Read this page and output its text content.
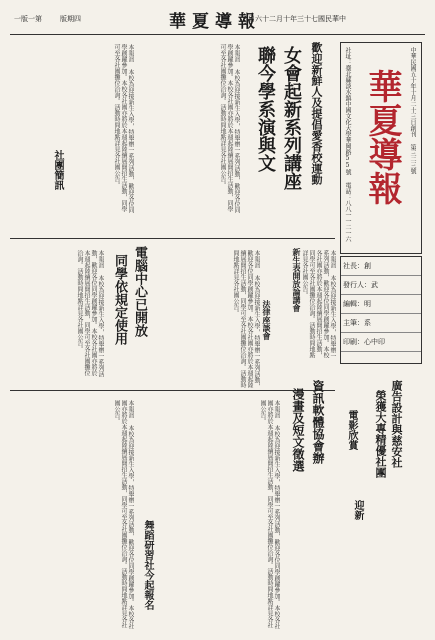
一版一第	版期四	華夏導報
日六十二月十年三十七國民華中
華夏導報
社址：臺北縣淡水鎮中國文化大學華岡路55號 電話：八八一一二一六	中華民國五十年十月二十三日創刊 第三二三號
社長：創
發行人：武
編輯：明
主筆：系
印刷：心中印
歡迎新鮮人及提倡愛香校運動
女會起新系列講座
聯今學系演與文
本報訊 本校為迎接新生入學，特舉辦一系列活動，歡迎各位同學踴躍參加。本校各社團亦將於本週起陸續展開招生活動，同學可至各社團攤位洽詢。活動時間地點詳見各社團公告。
本報訊 本校為迎接新生入學，特舉辦一系列活動，歡迎各位同學踴躍參加。本校各社團亦將於本週起陸續展開招生活動，同學可至各社團攤位洽詢。活動時間地點詳見各社團公告。
社團簡訊
廣告設計與慈安社
榮獲大專精優社團
新生表開放論講會	本報訊 本校為迎接新生入學，特舉辦一系列活動，歡迎各位同學踴躍參加。本校各社團亦將於本週起陸續展開招生活動，同學可至各社團攤位洽詢。活動時間地點詳見各社團公告。
法律座談會
本報訊 本校為迎接新生入學，特舉辦一系列活動，歡迎各位同學踴躍參加。本校各社團亦將於本週起陸續展開招生活動，同學可至各社團攤位洽詢。活動時間地點詳見各社團公告。
電腦中心已開放
同學依規定使用
本報訊 本校為迎接新生入學，特舉辦一系列活動，歡迎各位同學踴躍參加。本校各社團亦將於本週起陸續展開招生活動，同學可至各社團攤位洽詢。活動時間地點詳見各社團公告。
資訊軟體協會辦
漫畫及短文徵選	電影欣賞
迎新
本報訊 本校為迎接新生入學，特舉辦一系列活動，歡迎各位同學踴躍參加。本校各社團亦將於本週起陸續展開招生活動，同學可至各社團攤位洽詢。活動時間地點詳見各社團公告。
舞蹈研習社今起報名
本報訊 本校為迎接新生入學，特舉辦一系列活動，歡迎各位同學踴躍參加。本校各社團亦將於本週起陸續展開招生活動，同學可至各社團攤位洽詢。活動時間地點詳見各社團公告。
